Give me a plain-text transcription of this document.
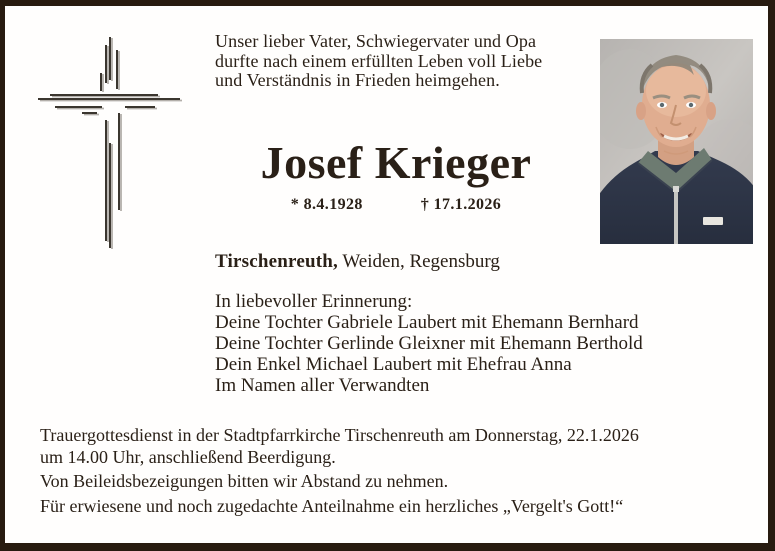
Unser lieber Vater, Schwiegervater und Opa durfte nach einem erfüllten Leben voll Liebe und Verständnis in Frieden heimgehen.
Josef Krieger
* 8.4.1928	† 17.1.2026
Tirschenreuth, Weiden, Regensburg
In liebevoller Erinnerung:
Deine Tochter Gabriele Laubert mit Ehemann Bernhard
Deine Tochter Gerlinde Gleixner mit Ehemann Berthold
Dein Enkel Michael Laubert mit Ehefrau Anna
Im Namen aller Verwandten
Trauergottesdienst in der Stadtpfarrkirche Tirschenreuth am Donnerstag, 22.1.2026
um 14.00 Uhr, anschließend Beerdigung.
Von Beileidsbezeigungen bitten wir Abstand zu nehmen.
Für erwiesene und noch zugedachte Anteilnahme ein herzliches „Vergelt's Gott!“
